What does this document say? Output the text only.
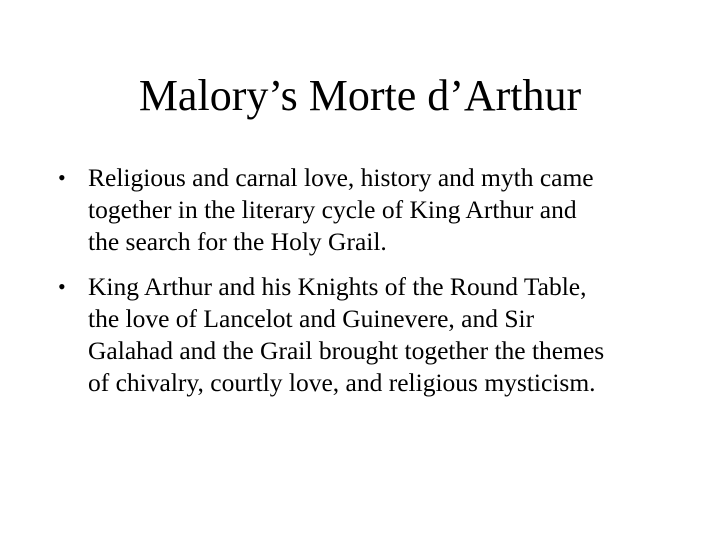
Malory’s Morte d’Arthur
• Religious and carnal love, history and myth came
together in the literary cycle of King Arthur and
the search for the Holy Grail.
• King Arthur and his Knights of the Round Table,
the love of Lancelot and Guinevere, and Sir
Galahad and the Grail brought together the themes
of chivalry, courtly love, and religious mysticism.
